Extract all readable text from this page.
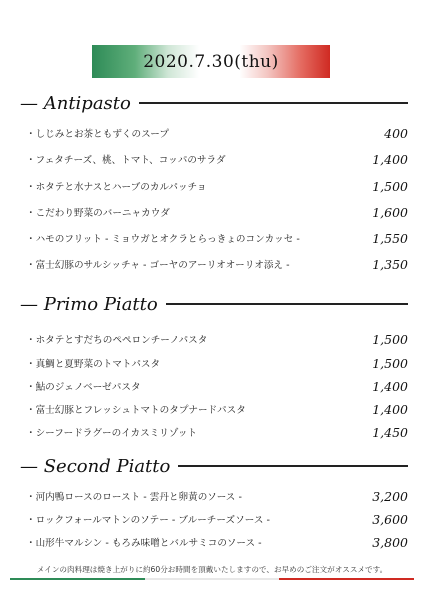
2020.7.30(thu)
— Antipasto
・しじみとお茶ともずくのスープ	400
・フェタチーズ、桃、トマト、コッパのサラダ	1,400
・ホタテと水ナスとハーブのカルパッチョ	1,500
・こだわり野菜のバーニャカウダ	1,600
・ハモのフリット - ミョウガとオクラとらっきょのコンカッセ -	1,550
・富士幻豚のサルシッチャ - ゴーヤのアーリオオーリオ添え -	1,350
— Primo Piatto
・ホタテとすだちのペペロンチーノパスタ	1,500
・真鯛と夏野菜のトマトパスタ	1,500
・鮎のジェノベーゼパスタ	1,400
・富士幻豚とフレッシュトマトのタプナードパスタ	1,400
・シーフードラグーのイカスミリゾット	1,450
— Second Piatto
・河内鴨ロースのロースト - 雲丹と卵黄のソース -	3,200
・ロックフォールマトンのソテー - ブルーチーズソース -	3,600
・山形牛マルシン - もろみ味噌とバルサミコのソース -	3,800
メインの肉料理は焼き上がりに約60分お時間を頂戴いたしますので、お早めのご注文がオススメです。
